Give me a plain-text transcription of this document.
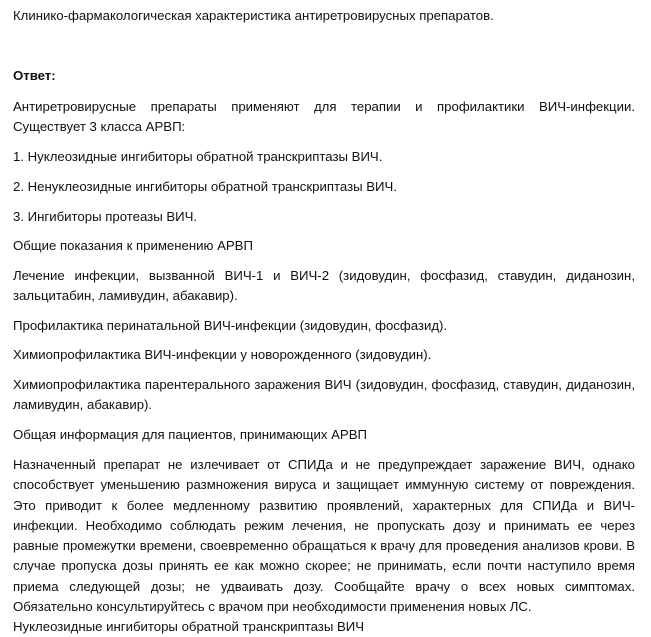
Клинико-фармакологическая характеристика антиретровирусных препаратов.

Ответ:

Антиретровирусные препараты применяют для терапии и профилактики ВИЧ-инфекции. Существует 3 класса АРВП:

1. Нуклеозидные ингибиторы обратной транскриптазы ВИЧ.

2. Ненуклеозидные ингибиторы обратной транскриптазы ВИЧ.

3. Ингибиторы протеазы ВИЧ.

Общие показания к применению АРВП

Лечение инфекции, вызванной ВИЧ-1 и ВИЧ-2 (зидовудин, фосфазид, ставудин, диданозин, зальцитабин, ламивудин, абакавир).

Профилактика перинатальной ВИЧ-инфекции (зидовудин, фосфазид).

Химиопрофилактика ВИЧ-инфекции у новорожденного (зидовудин).

Химиопрофилактика парентерального заражения ВИЧ (зидовудин, фосфазид, ставудин, диданозин, ламивудин, абакавир).

Общая информация для пациентов, принимающих АРВП

Назначенный препарат не излечивает от СПИДа и не предупреждает заражение ВИЧ, однако способствует уменьшению размножения вируса и защищает иммунную систему от повреждения. Это приводит к более медленному развитию проявлений, характерных для СПИДа и ВИЧ-инфекции. Необходимо соблюдать режим лечения, не пропускать дозу и принимать ее через равные промежутки времени, своевременно обращаться к врачу для проведения анализов крови. В случае пропуска дозы принять ее как можно скорее; не принимать, если почти наступило время приема следующей дозы; не удваивать дозу. Сообщайте врачу о всех новых симптомах. Обязательно консультируйтесь с врачом при необходимости применения новых ЛС.

Нуклеозидные ингибиторы обратной транскриптазы ВИЧ
